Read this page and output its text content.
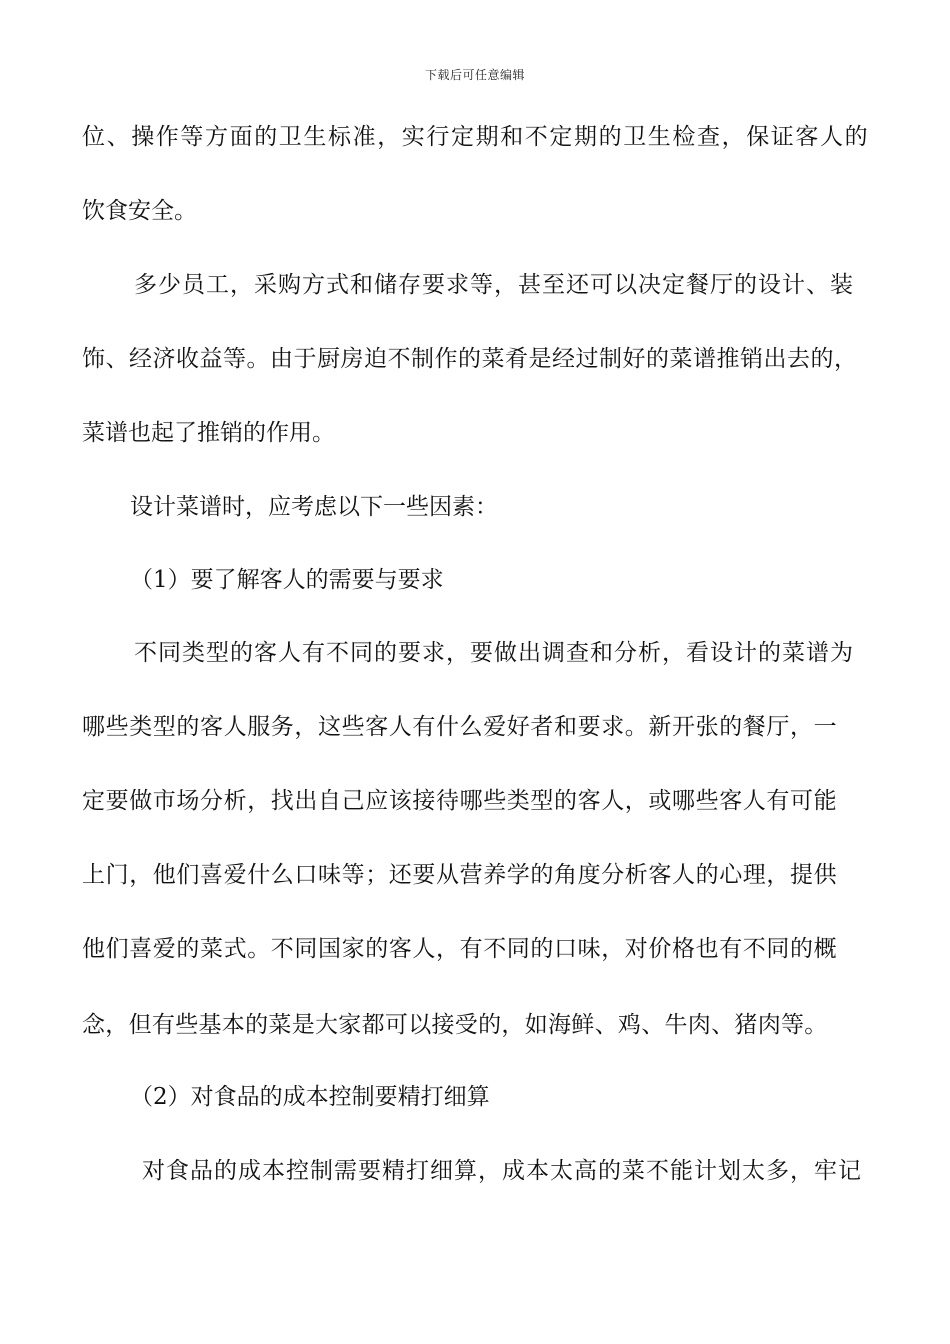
下载后可任意编辑
位、操作等方面的卫生标准，实行定期和不定期的卫生检查，保证客人的
饮食安全。
多少员工，采购方式和储存要求等，甚至还可以决定餐厅的设计、装
饰、经济收益等。由于厨房迫不制作的菜肴是经过制好的菜谱推销出去的，
菜谱也起了推销的作用。
设计菜谱时，应考虑以下一些因素：
（1）要了解客人的需要与要求
不同类型的客人有不同的要求，要做出调查和分析，看设计的菜谱为
哪些类型的客人服务，这些客人有什么爱好者和要求。新开张的餐厅，一
定要做市场分析，找出自己应该接待哪些类型的客人，或哪些客人有可能
上门，他们喜爱什么口味等；还要从营养学的角度分析客人的心理，提供
他们喜爱的菜式。不同国家的客人，有不同的口味，对价格也有不同的概
念，但有些基本的菜是大家都可以接受的，如海鲜、鸡、牛肉、猪肉等。
（2）对食品的成本控制要精打细算
对食品的成本控制需要精打细算，成本太高的菜不能计划太多，牢记
